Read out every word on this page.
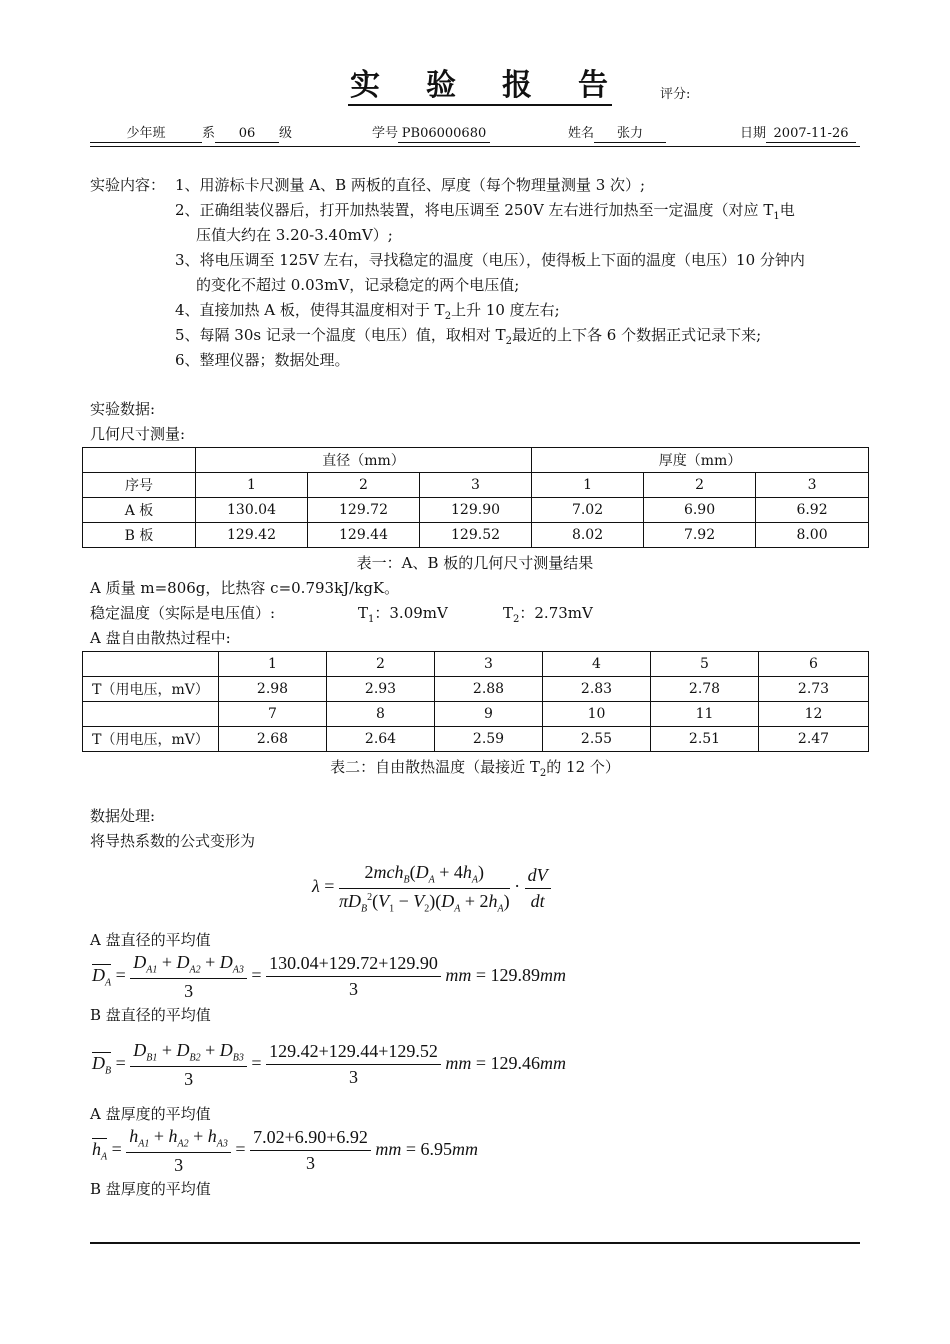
实 验 报 告	评分:
少年班	系 06 级	学号 PB06000680	姓名 张力	日期 2007-11-26
实验内容： 1、用游标卡尺测量 A、B 两板的直径、厚度（每个物理量测量 3 次）;
2、正确组装仪器后，打开加热装置，将电压调至 250V 左右进行加热至一定温度（对应 $T_1$电
压值大约在 3.20-3.40mV）;
3、将电压调至 125V 左右，寻找稳定的温度（电压），使得板上下面的温度（电压）10 分钟内
的变化不超过 0.03mV，记录稳定的两个电压值;
4、直接加热 A 板，使得其温度相对于 $T_2$上升 10 度左右;
5、每隔 30s 记录一个温度（电压）值，取相对 $T_2$最近的上下各 6 个数据正式记录下来;
6、整理仪器；数据处理。
实验数据:
几何尺寸测量:
	直径（mm）			厚度（mm）		
序号	1	2	3	1	2	3
A 板	130.04	129.72	129.90	7.02	6.90	6.92
B 板	129.42	129.44	129.52	8.02	7.92	8.00
表一：A、B 板的几何尺寸测量结果
A 质量 m=806g，比热容 c=0.793kJ/kgK。
稳定温度（实际是电压值）:	$T_1$：3.09mV	$T_2$：2.73mV
A 盘自由散热过程中:
	1	2	3	4	5	6
T（用电压，mV）	2.98	2.93	2.88	2.83	2.78	2.73
	7	8	9	10	11	12
T（用电压，mV）	2.68	2.64	2.59	2.55	2.51	2.47
表二：自由散热温度（最接近 $T_2$的 12 个）
数据处理:
将导热系数的公式变形为
$\lambda = \frac{2mch_B(D_A + 4h_A)}{\pi D_B^2(V_1 - V_2)(D_A + 2h_A)} \cdot \frac{dV}{dt}$
A 盘直径的平均值
$D_A = \frac{D_{A1} + D_{A2} + D_{A3}}{3} = \frac{130.04+129.72+129.90}{3}$ mm = 129.89mm
B 盘直径的平均值
$D_B = \frac{D_{B1} + D_{B2} + D_{B3}}{3} = \frac{129.42+129.44+129.52}{3}$ mm = 129.46mm
A 盘厚度的平均值
$h_A = \frac{h_{A1} + h_{A2} + h_{A3}}{3} = \frac{7.02+6.90+6.92}{3}$ mm = 6.95mm
B 盘厚度的平均值
